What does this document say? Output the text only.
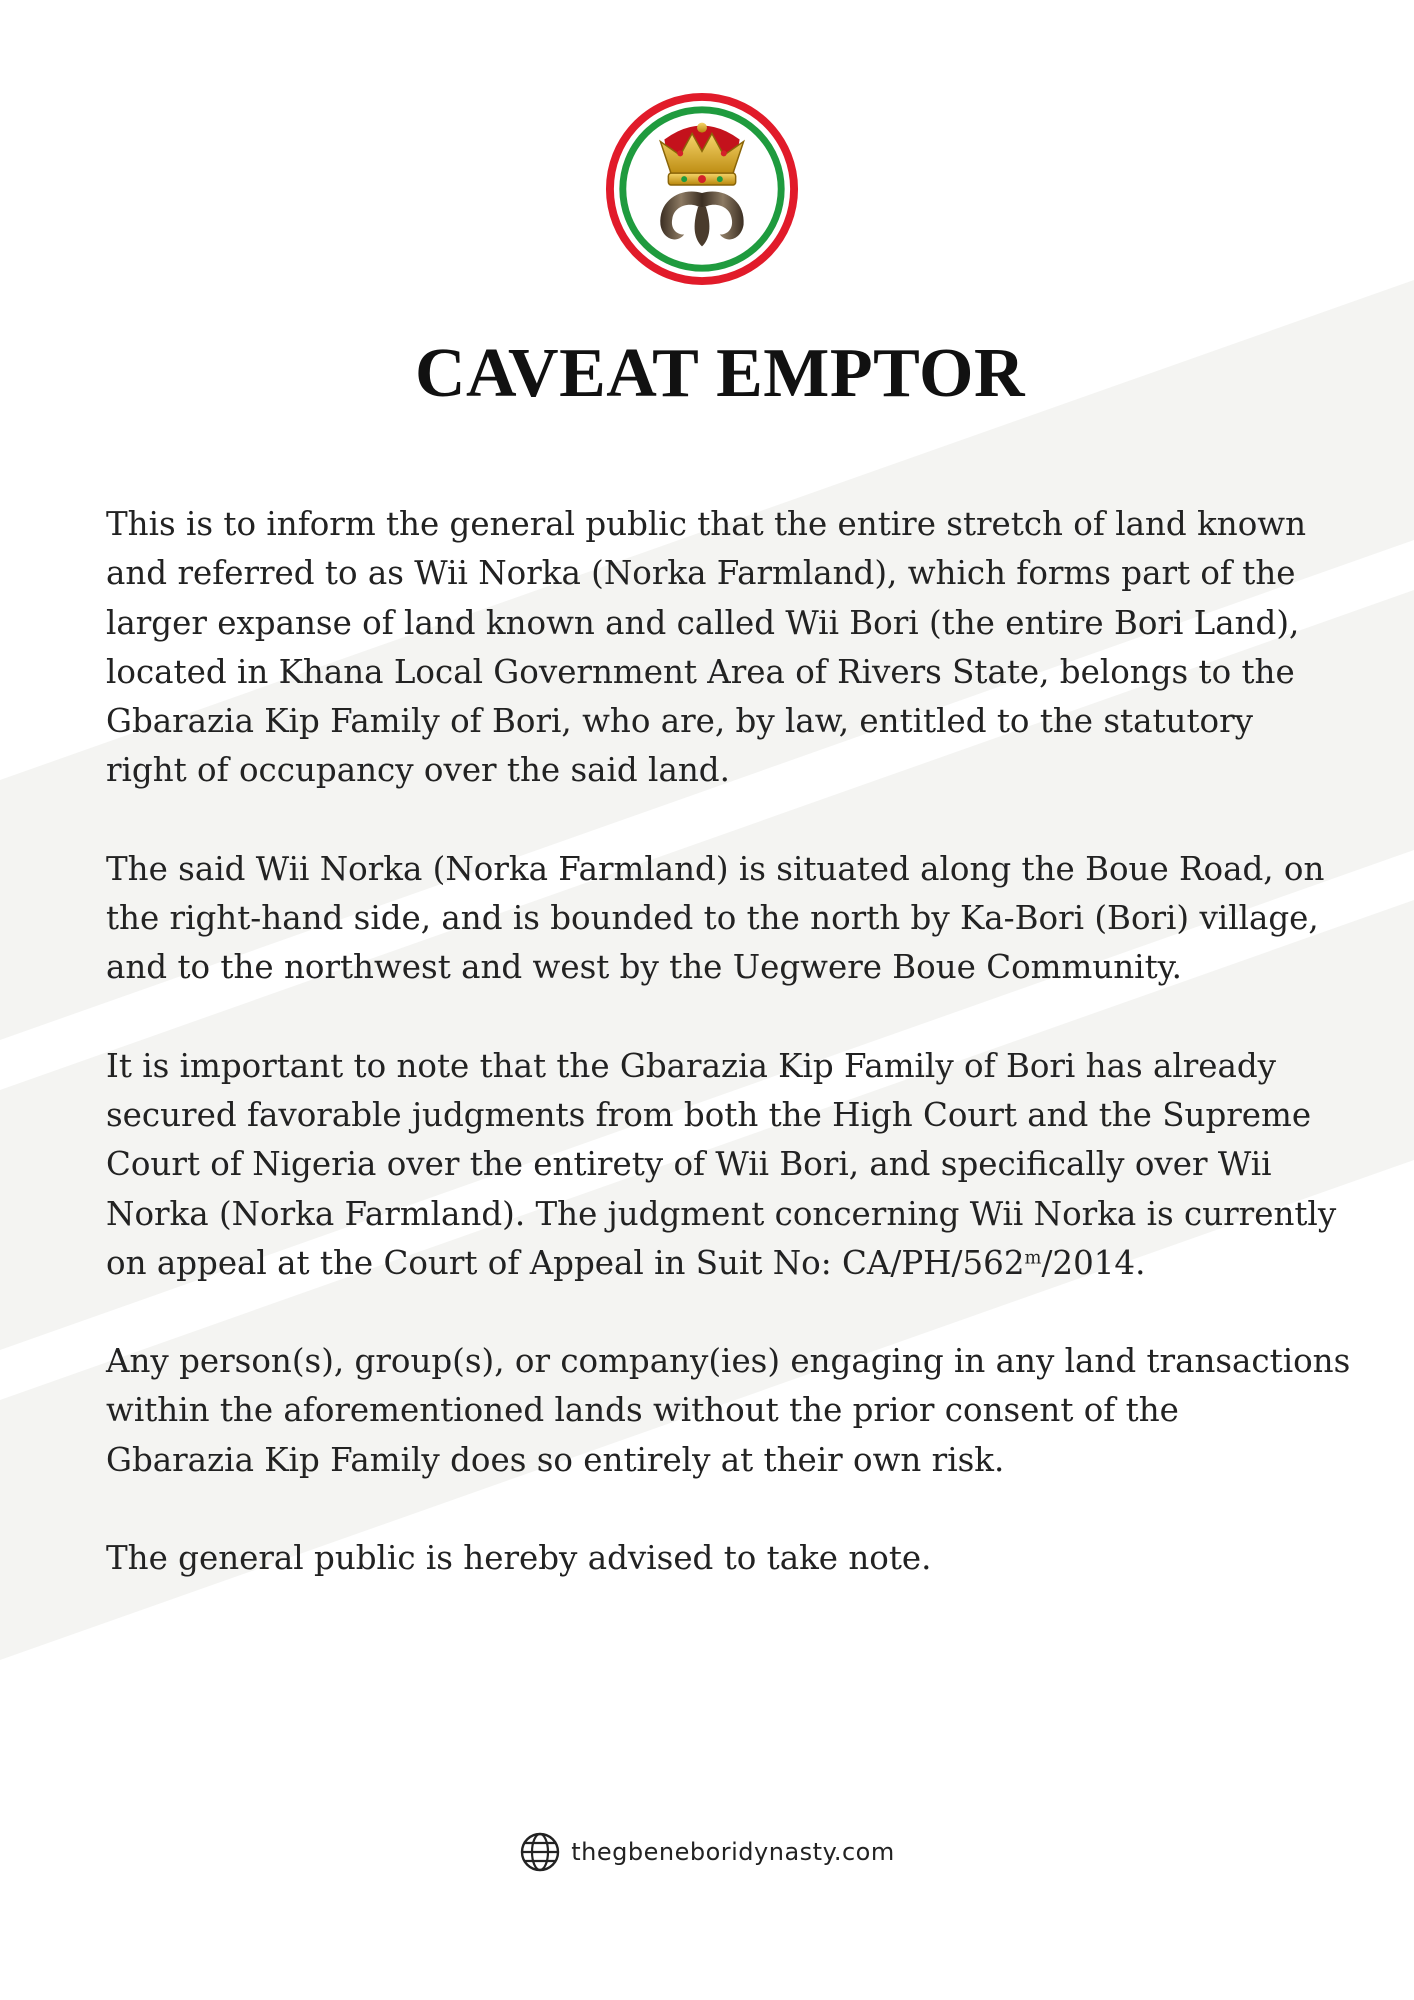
CAVEAT EMPTOR

This is to inform the general public that the entire stretch of land known
and referred to as Wii Norka (Norka Farmland), which forms part of the
larger expanse of land known and called Wii Bori (the entire Bori Land),
located in Khana Local Government Area of Rivers State, belongs to the
Gbarazia Kip Family of Bori, who are, by law, entitled to the statutory
right of occupancy over the said land.

The said Wii Norka (Norka Farmland) is situated along the Boue Road, on
the right-hand side, and is bounded to the north by Ka-Bori (Bori) village,
and to the northwest and west by the Uegwere Boue Community.

It is important to note that the Gbarazia Kip Family of Bori has already
secured favorable judgments from both the High Court and the Supreme
Court of Nigeria over the entirety of Wii Bori, and specifically over Wii
Norka (Norka Farmland). The judgment concerning Wii Norka is currently
on appeal at the Court of Appeal in Suit No: CA/PH/562$^m$/2014.

Any person(s), group(s), or company(ies) engaging in any land transactions
within the aforementioned lands without the prior consent of the
Gbarazia Kip Family does so entirely at their own risk.

The general public is hereby advised to take note.

thegbeneboridynasty.com
